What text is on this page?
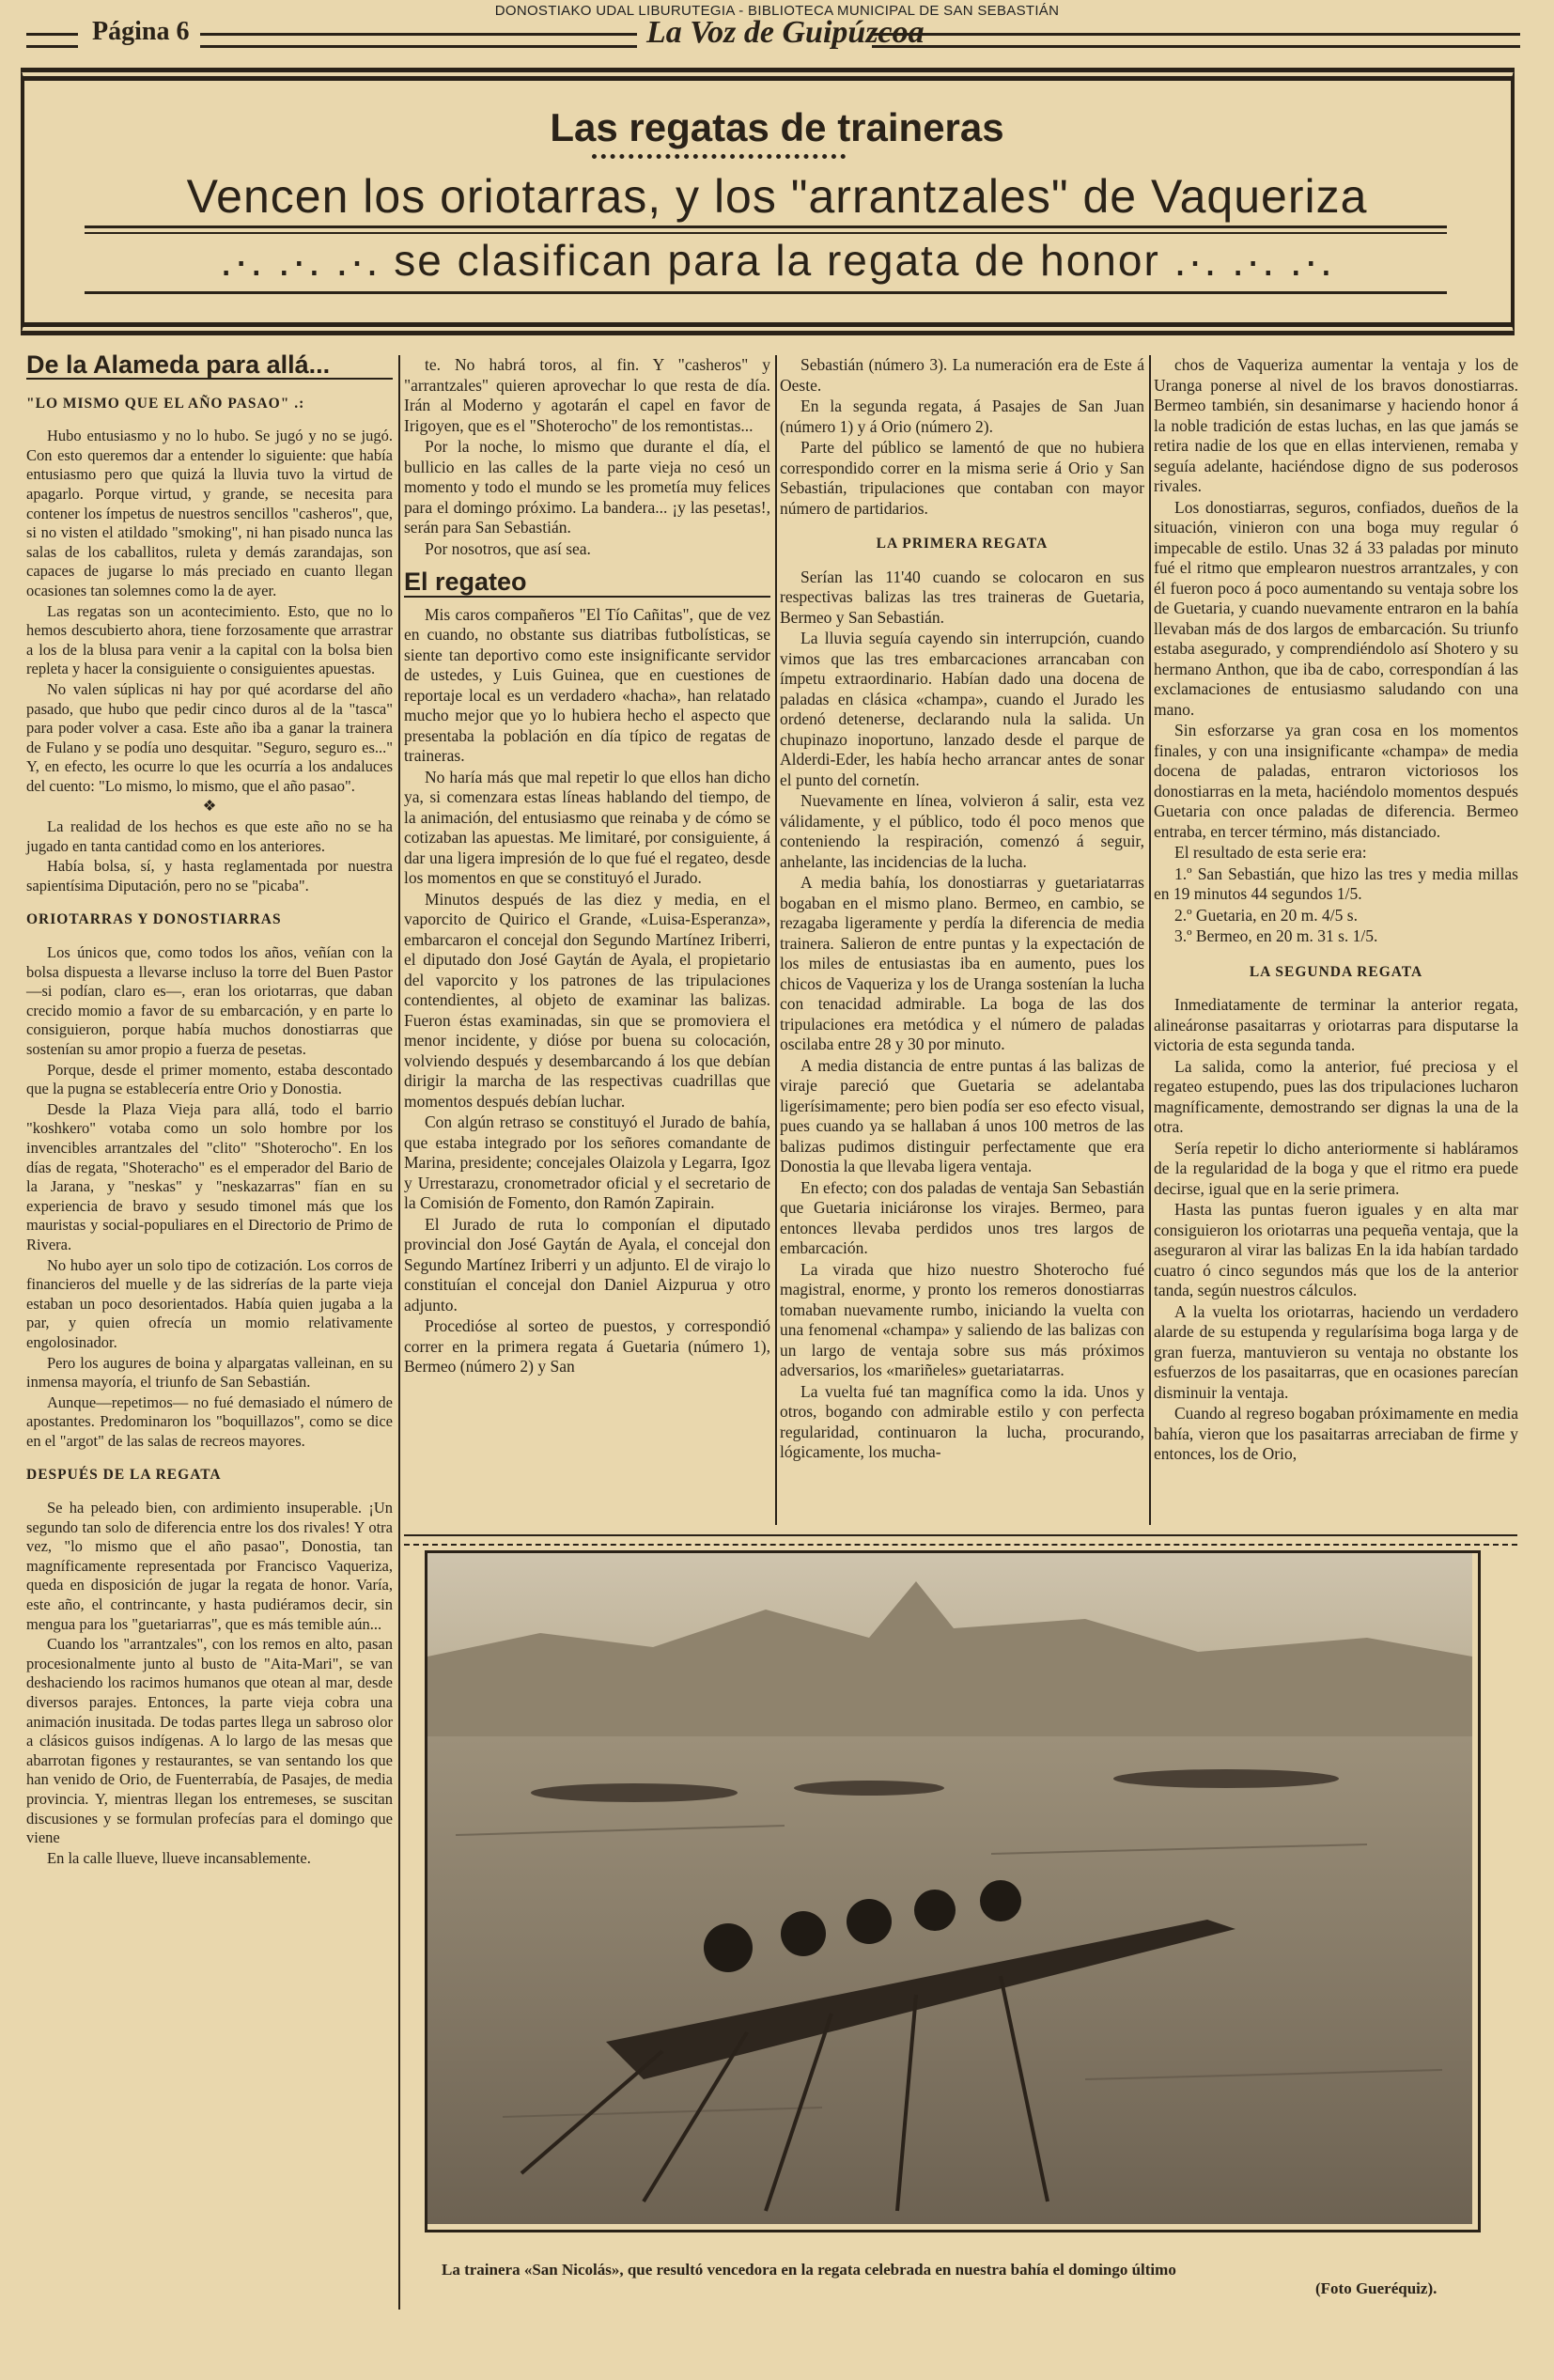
DONOSTIAKO UDAL LIBURUTEGIA - BIBLIOTECA MUNICIPAL DE SAN SEBASTIÁN
Página 6	La Voz de Guipúzcoa
Las regatas de traineras
Vencen los oriotarras, y los "arrantzales" de Vaqueriza
.·. .·. .·. se clasifican para la regata de honor .·. .·. .·.
De la Alameda para allá...
"LO MISMO QUE EL AÑO PASAO" .:

Hubo entusiasmo y no lo hubo. Se jugó y no se jugó. Con esto queremos dar a entender lo siguiente: que había entusiasmo pero que quizá la lluvia tuvo la virtud de apagarlo. Porque virtud, y grande, se necesita para contener los ímpetus de nuestros sencillos "casheros", que, si no visten el atildado "smoking", ni han pisado nunca las salas de los caballitos, ruleta y demás zarandajas, son capaces de jugarse lo más preciado en cuanto llegan ocasiones tan solemnes como la de ayer.

Las regatas son un acontecimiento. Esto, que no lo hemos descubierto ahora, tiene forzosamente que arrastrar a los de la blusa para venir a la capital con la bolsa bien repleta y hacer la consiguiente o consiguientes apuestas.

No valen súplicas ni hay por qué acordarse del año pasado, que hubo que pedir cinco duros al de la "tasca" para poder volver a casa. Este año iba a ganar la trainera de Fulano y se podía uno desquitar. "Seguro, seguro es..." Y, en efecto, les ocurre lo que les ocurría a los andaluces del cuento: "Lo mismo, lo mismo, que el año pasao".

❖

La realidad de los hechos es que este año no se ha jugado en tanta cantidad como en los anteriores.

Había bolsa, sí, y hasta reglamentada por nuestra sapientísima Diputación, pero no se "picaba".

ORIOTARRAS Y DONOSTIARRAS

Los únicos que, como todos los años, veñían con la bolsa dispuesta a llevarse incluso la torre del Buen Pastor—si podían, claro es—, eran los oriotarras, que daban crecido momio a favor de su embarcación, y en parte lo consiguieron, porque había muchos donostiarras que sostenían su amor propio a fuerza de pesetas.

Porque, desde el primer momento, estaba descontado que la pugna se establecería entre Orio y Donostia.

Desde la Plaza Vieja para allá, todo el barrio "koshkero" votaba como un solo hombre por los invencibles arrantzales del "clito" "Shoterocho". En los días de regata, "Shoteracho" es el emperador del Bario de la Jarana, y "neskas" y "neskazarras" fían en su experiencia de bravo y sesudo timonel más que los mauristas y social-populiares en el Directorio de Primo de Rivera.

No hubo ayer un solo tipo de cotización. Los corros de financieros del muelle y de las sidrerías de la parte vieja estaban un poco desorientados. Había quien jugaba a la par, y quien ofrecía un momio relativamente engolosinador.

Pero los augures de boina y alpargatas valleinan, en su inmensa mayoría, el triunfo de San Sebastián.

Aunque—repetimos— no fué demasiado el número de apostantes. Predominaron los "boquillazos", como se dice en el "argot" de las salas de recreos mayores.

DESPUÉS DE LA REGATA

Se ha peleado bien, con ardimiento insuperable. ¡Un segundo tan solo de diferencia entre los dos rivales! Y otra vez, "lo mismo que el año pasao", Donostia, tan magníficamente representada por Francisco Vaqueriza, queda en disposición de jugar la regata de honor. Varía, este año, el contrincante, y hasta pudiéramos decir, sin mengua para los "guetariarras", que es más temible aún...

Cuando los "arrantzales", con los remos en alto, pasan procesionalmente junto al busto de "Aita-Mari", se van deshaciendo los racimos humanos que otean al mar, desde diversos parajes. Entonces, la parte vieja cobra una animación inusitada. De todas partes llega un sabroso olor a clásicos guisos indígenas. A lo largo de las mesas que abarrotan figones y restaurantes, se van sentando los que han venido de Orio, de Fuenterrabía, de Pasajes, de media provincia. Y, mientras llegan los entremeses, se suscitan discusiones y se formulan profecías para el domingo que viene

En la calle llueve, llueve incansablemente.

te. No habrá toros, al fin. Y "casheros" y "arrantzales" quieren aprovechar lo que resta de día. Irán al Moderno y agotarán el capel en favor de Irigoyen, que es el "Shoterocho" de los remontistas...

Por la noche, lo mismo que durante el día, el bullicio en las calles de la parte vieja no cesó un momento y todo el mundo se les prometía muy felices para el domingo próximo. La bandera... ¡y las pesetas!, serán para San Sebastián.

Por nosotros, que así sea.

El regateo

Mis caros compañeros "El Tío Cañitas", que de vez en cuando, no obstante sus diatribas futbolísticas, se siente tan deportivo como este insignificante servidor de ustedes, y Luis Guinea, que en cuestiones de reportaje local es un verdadero «hacha», han relatado mucho mejor que yo lo hubiera hecho el aspecto que presentaba la población en día típico de regatas de traineras.

No haría más que mal repetir lo que ellos han dicho ya, si comenzara estas líneas hablando del tiempo, de la animación, del entusiasmo que reinaba y de cómo se cotizaban las apuestas. Me limitaré, por consiguiente, á dar una ligera impresión de lo que fué el regateo, desde los momentos en que se constituyó el Jurado.

Minutos después de las diez y media, en el vaporcito de Quirico el Grande, «Luisa-Esperanza», embarcaron el concejal don Segundo Martínez Iriberri, el diputado don José Gaytán de Ayala, el propietario del vaporcito y los patrones de las tripulaciones contendientes, al objeto de examinar las balizas. Fueron éstas examinadas, sin que se promoviera el menor incidente, y dióse por buena su colocación, volviendo después y desembarcando á los que debían dirigir la marcha de las respectivas cuadrillas que momentos después debían luchar.

Con algún retraso se constituyó el Jurado de bahía, que estaba integrado por los señores comandante de Marina, presidente; concejales Olaizola y Legarra, Igoz y Urrestarazu, cronometrador oficial y el secretario de la Comisión de Fomento, don Ramón Zapirain.

El Jurado de ruta lo componían el diputado provincial don José Gaytán de Ayala, el concejal don Segundo Martínez Iriberri y un adjunto. El de virajo lo constituían el concejal don Daniel Aizpurua y otro adjunto.

Procedióse al sorteo de puestos, y correspondió correr en la primera regata á Guetaria (número 1), Bermeo (número 2) y San

Sebastián (número 3). La numeración era de Este á Oeste.

En la segunda regata, á Pasajes de San Juan (número 1) y á Orio (número 2).

Parte del público se lamentó de que no hubiera correspondido correr en la misma serie á Orio y San Sebastián, tripulaciones que contaban con mayor número de partidarios.

LA PRIMERA REGATA

Serían las 11'40 cuando se colocaron en sus respectivas balizas las tres traineras de Guetaria, Bermeo y San Sebastián.

La lluvia seguía cayendo sin interrupción, cuando vimos que las tres embarcaciones arrancaban con ímpetu extraordinario. Habían dado una docena de paladas en clásica «champa», cuando el Jurado les ordenó detenerse, declarando nula la salida. Un chupinazo inoportuno, lanzado desde el parque de Alderdi-Eder, les había hecho arrancar antes de sonar el punto del cornetín.

Nuevamente en línea, volvieron á salir, esta vez válidamente, y el público, todo él poco menos que conteniendo la respiración, comenzó á seguir, anhelante, las incidencias de la lucha.

A media bahía, los donostiarras y guetariatarras bogaban en el mismo plano. Bermeo, en cambio, se rezagaba ligeramente y perdía la diferencia de media trainera. Salieron de entre puntas y la expectación de los miles de entusiastas iba en aumento, pues los chicos de Vaqueriza y los de Uranga sostenían la lucha con tenacidad admirable. La boga de las dos tripulaciones era metódica y el número de paladas oscilaba entre 28 y 30 por minuto.

A media distancia de entre puntas á las balizas de viraje pareció que Guetaria se adelantaba ligerísimamente; pero bien podía ser eso efecto visual, pues cuando ya se hallaban á unos 100 metros de las balizas pudimos distinguir perfectamente que era Donostia la que llevaba ligera ventaja.

En efecto; con dos paladas de ventaja San Sebastián que Guetaria iniciáronse los virajes. Bermeo, para entonces llevaba perdidos unos tres largos de embarcación.

La virada que hizo nuestro Shoterocho fué magistral, enorme, y pronto los remeros donostiarras tomaban nuevamente rumbo, iniciando la vuelta con una fenomenal «champa» y saliendo de las balizas con un largo de ventaja sobre sus más próximos adversarios, los «mariñeles» guetariatarras.

La vuelta fué tan magnífica como la ida. Unos y otros, bogando con admirable estilo y con perfecta regularidad, continuaron la lucha, procurando, lógicamente, los mucha-

chos de Vaqueriza aumentar la ventaja y los de Uranga ponerse al nivel de los bravos donostiarras. Bermeo también, sin desanimarse y haciendo honor á la noble tradición de estas luchas, en las que jamás se retira nadie de los que en ellas intervienen, remaba y seguía adelante, haciéndose digno de sus poderosos rivales.

Los donostiarras, seguros, confiados, dueños de la situación, vinieron con una boga muy regular ó impecable de estilo. Unas 32 á 33 paladas por minuto fué el ritmo que emplearon nuestros arrantzales, y con él fueron poco á poco aumentando su ventaja sobre los de Guetaria, y cuando nuevamente entraron en la bahía llevaban más de dos largos de embarcación. Su triunfo estaba asegurado, y comprendiéndolo así Shotero y su hermano Anthon, que iba de cabo, correspondían á las exclamaciones de entusiasmo saludando con una mano.

Sin esforzarse ya gran cosa en los momentos finales, y con una insignificante «champa» de media docena de paladas, entraron victoriosos los donostiarras en la meta, haciéndolo momentos después Guetaria con once paladas de diferencia. Bermeo entraba, en tercer término, más distanciado.

El resultado de esta serie era:

1.º San Sebastián, que hizo las tres y media millas en 19 minutos 44 segundos 1/5.

2.º Guetaria, en 20 m. 4/5 s.

3.º Bermeo, en 20 m. 31 s. 1/5.

LA SEGUNDA REGATA

Inmediatamente de terminar la anterior regata, alineáronse pasaitarras y oriotarras para disputarse la victoria de esta segunda tanda.

La salida, como la anterior, fué preciosa y el regateo estupendo, pues las dos tripulaciones lucharon magníficamente, demostrando ser dignas la una de la otra.

Sería repetir lo dicho anteriormente si habláramos de la regularidad de la boga y que el ritmo era puede decirse, igual que en la serie primera.

Hasta las puntas fueron iguales y en alta mar consiguieron los oriotarras una pequeña ventaja, que la aseguraron al virar las balizas En la ida habían tardado cuatro ó cinco segundos más que los de la anterior tanda, según nuestros cálculos.

A la vuelta los oriotarras, haciendo un verdadero alarde de su estupenda y regularísima boga larga y de gran fuerza, mantuvieron su ventaja no obstante los esfuerzos de los pasaitarras, que en ocasiones parecían disminuir la ventaja.

Cuando al regreso bogaban próximamente en media bahía, vieron que los pasaitarras arreciaban de firme y entonces, los de Orio,

La trainera «San Nicolás», que resultó vencedora en la regata celebrada en nuestra bahía el domingo último
(Foto Gueréquiz).
